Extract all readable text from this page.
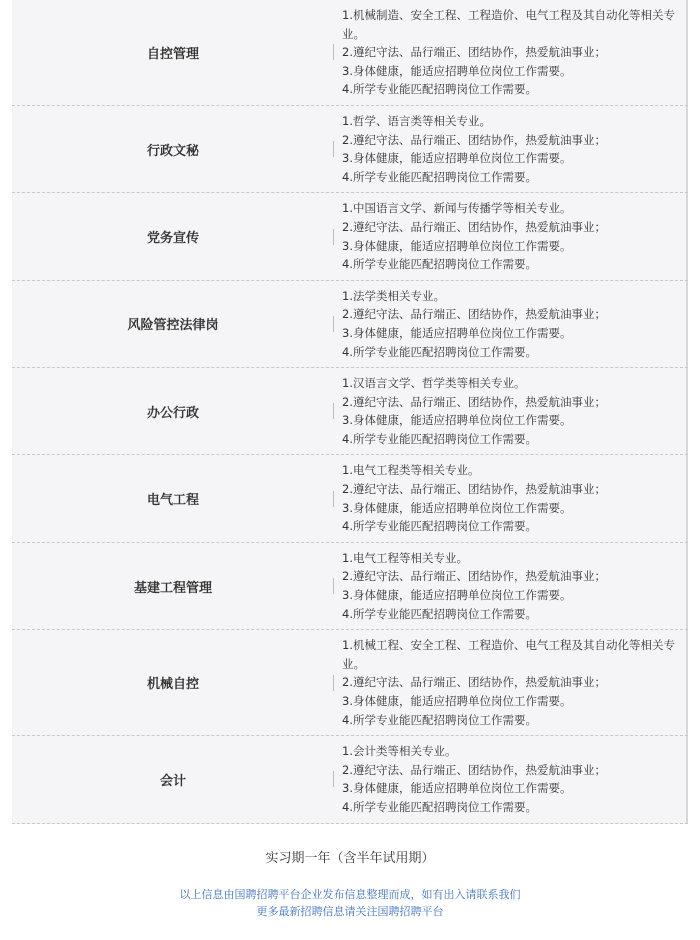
自控管理
1.机械制造、安全工程、工程造价、电气工程及其自动化等相关专业。
2.遵纪守法、品行端正、团结协作，热爱航油事业；
3.身体健康，能适应招聘单位岗位工作需要。
4.所学专业能匹配招聘岗位工作需要。
行政文秘
1.哲学、语言类等相关专业。
2.遵纪守法、品行端正、团结协作，热爱航油事业；
3.身体健康，能适应招聘单位岗位工作需要。
4.所学专业能匹配招聘岗位工作需要。
党务宣传
1.中国语言文学、新闻与传播学等相关专业。
2.遵纪守法、品行端正、团结协作，热爱航油事业；
3.身体健康，能适应招聘单位岗位工作需要。
4.所学专业能匹配招聘岗位工作需要。
风险管控法律岗
1.法学类相关专业。
2.遵纪守法、品行端正、团结协作，热爱航油事业；
3.身体健康，能适应招聘单位岗位工作需要。
4.所学专业能匹配招聘岗位工作需要。
办公行政
1.汉语言文学、哲学类等相关专业。
2.遵纪守法、品行端正、团结协作，热爱航油事业；
3.身体健康，能适应招聘单位岗位工作需要。
4.所学专业能匹配招聘岗位工作需要。
电气工程
1.电气工程类等相关专业。
2.遵纪守法、品行端正、团结协作，热爱航油事业；
3.身体健康，能适应招聘单位岗位工作需要。
4.所学专业能匹配招聘岗位工作需要。
基建工程管理
1.电气工程等相关专业。
2.遵纪守法、品行端正、团结协作，热爱航油事业；
3.身体健康，能适应招聘单位岗位工作需要。
4.所学专业能匹配招聘岗位工作需要。
机械自控
1.机械工程、安全工程、工程造价、电气工程及其自动化等相关专业。
2.遵纪守法、品行端正、团结协作，热爱航油事业；
3.身体健康，能适应招聘单位岗位工作需要。
4.所学专业能匹配招聘岗位工作需要。
会计
1.会计类等相关专业。
2.遵纪守法、品行端正、团结协作，热爱航油事业；
3.身体健康，能适应招聘单位岗位工作需要。
4.所学专业能匹配招聘岗位工作需要。
实习期一年（含半年试用期）
以上信息由国聘招聘平台企业发布信息整理而成，如有出入请联系我们
更多最新招聘信息请关注国聘招聘平台
